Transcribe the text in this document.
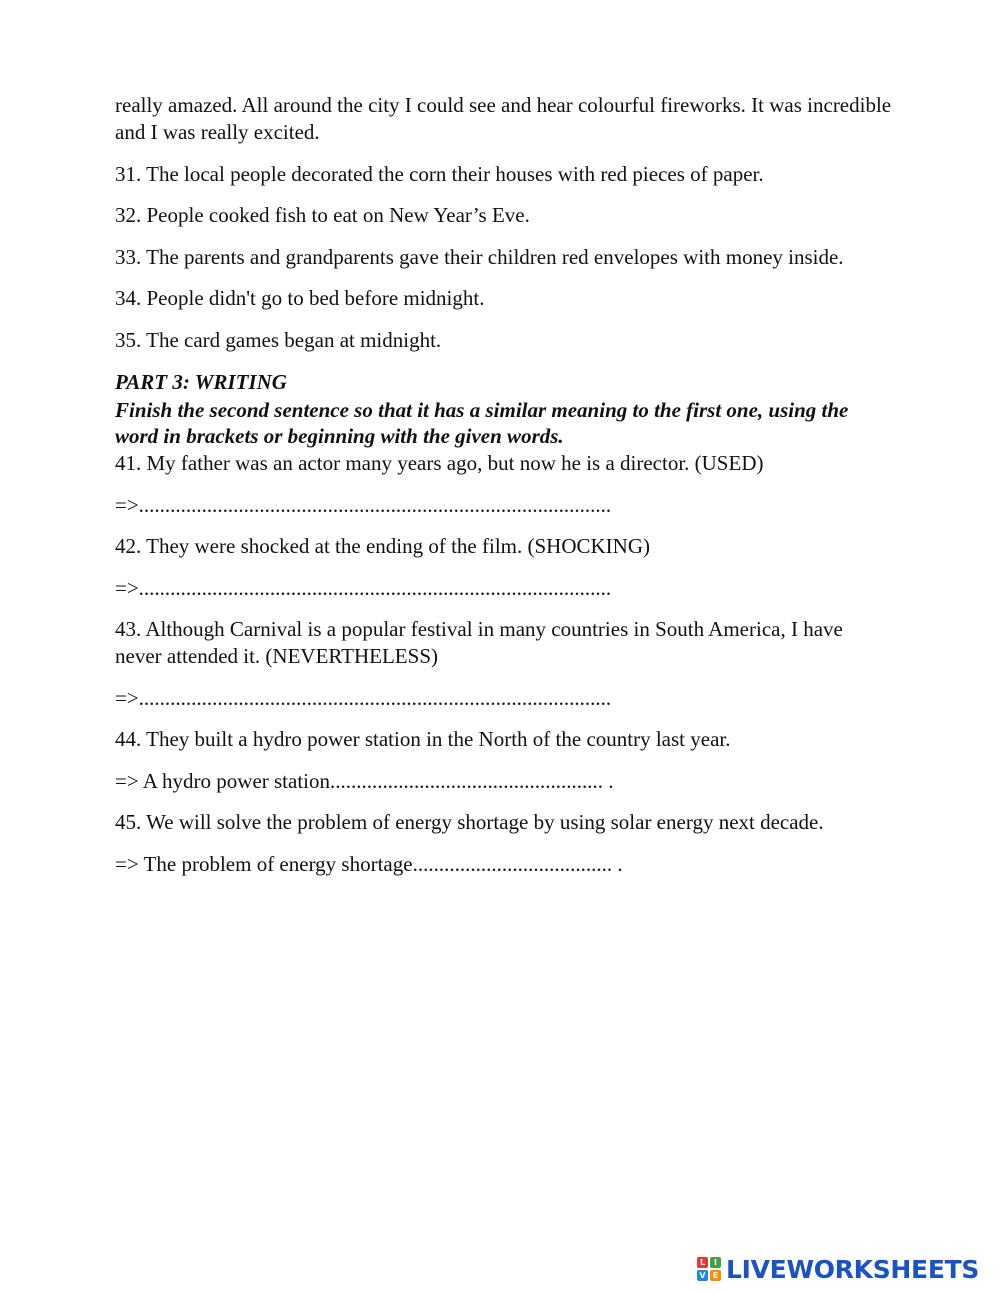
really amazed. All around the city I could see and hear colourful fireworks. It was incredible
and I was really excited.
31. The local people decorated the corn their houses with red pieces of paper.
32. People cooked fish to eat on New Year’s Eve.
33. The parents and grandparents gave their children red envelopes with money inside.
34. People didn't go to bed before midnight.
35. The card games began at midnight.
PART 3: WRITING
Finish the second sentence so that it has a similar meaning to the first one, using the
word in brackets or beginning with the given words.
41. My father was an actor many years ago, but now he is a director. (USED)
=>..........................................................................................
42. They were shocked at the ending of the film. (SHOCKING)
=>..........................................................................................
43. Although Carnival is a popular festival in many countries in South America, I have
never attended it. (NEVERTHELESS)
=>..........................................................................................
44. They built a hydro power station in the North of the country last year.
=> A hydro power station.................................................... .
45. We will solve the problem of energy shortage by using solar energy next decade.
=> The problem of energy shortage...................................... .
L	I
V E LIVEWORKSHEETS
